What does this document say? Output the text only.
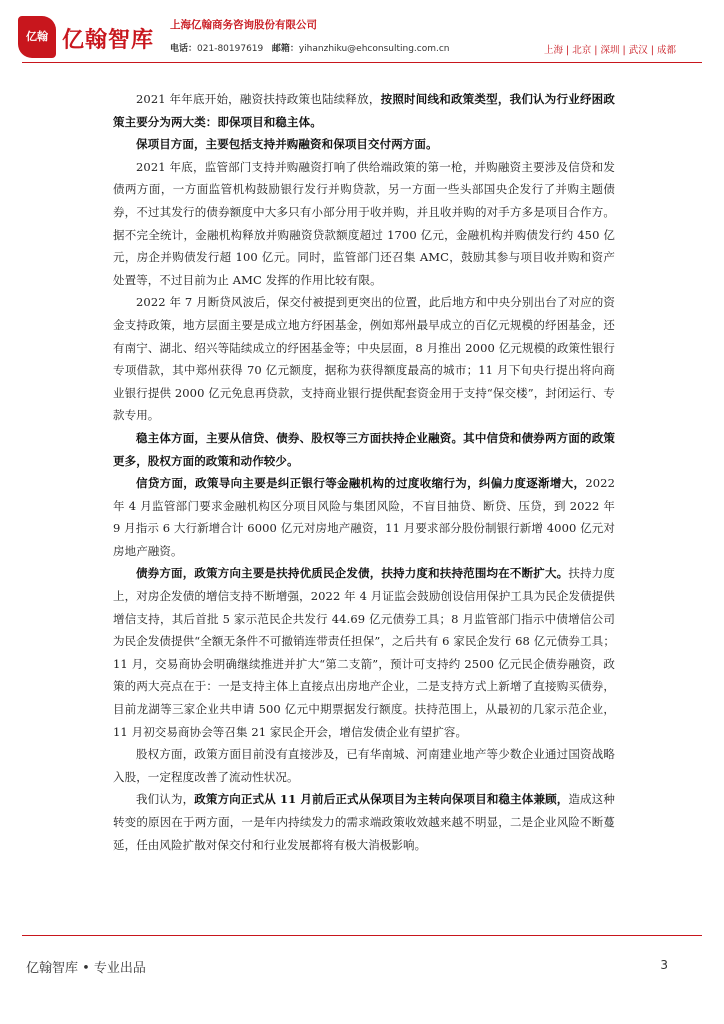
亿翰 亿翰智库
上海亿翰商务咨询股份有限公司
电话：021-80197619 邮箱：yihanzhiku@ehconsulting.com.cn	上海 | 北京 | 深圳 | 武汉 | 成都

2021 年年底开始，融资扶持政策也陆续释放，按照时间线和政策类型，我们认为行业纾困政策主要分为两大类：即保项目和稳主体。

保项目方面，主要包括支持并购融资和保项目交付两方面。

2021 年底，监管部门支持并购融资打响了供给端政策的第一枪，并购融资主要涉及信贷和发债两方面，一方面监管机构鼓励银行发行并购贷款，另一方面一些头部国央企发行了并购主题债券，不过其发行的债券额度中大多只有小部分用于收并购，并且收并购的对手方多是项目合作方。据不完全统计，金融机构释放并购融资贷款额度超过 1700 亿元，金融机构并购债发行约 450 亿元，房企并购债发行超 100 亿元。同时，监管部门还召集 AMC，鼓励其参与项目收并购和资产处置等，不过目前为止 AMC 发挥的作用比较有限。

2022 年 7 月断贷风波后，保交付被提到更突出的位置，此后地方和中央分别出台了对应的资金支持政策，地方层面主要是成立地方纾困基金，例如郑州最早成立的百亿元规模的纾困基金，还有南宁、湖北、绍兴等陆续成立的纾困基金等；中央层面，8 月推出 2000 亿元规模的政策性银行专项借款，其中郑州获得 70 亿元额度，据称为获得额度最高的城市；11 月下旬央行提出将向商业银行提供 2000 亿元免息再贷款，支持商业银行提供配套资金用于支持“保交楼”，封闭运行、专款专用。

稳主体方面，主要从信贷、债券、股权等三方面扶持企业融资。其中信贷和债券两方面的政策更多，股权方面的政策和动作较少。

信贷方面，政策导向主要是纠正银行等金融机构的过度收缩行为，纠偏力度逐渐增大，2022 年 4 月监管部门要求金融机构区分项目风险与集团风险，不盲目抽贷、断贷、压贷，到 2022 年 9 月指示 6 大行新增合计 6000 亿元对房地产融资，11 月要求部分股份制银行新增 4000 亿元对房地产融资。

债券方面，政策方向主要是扶持优质民企发债，扶持力度和扶持范围均在不断扩大。扶持力度上，对房企发债的增信支持不断增强，2022 年 4 月证监会鼓励创设信用保护工具为民企发债提供增信支持，其后首批 5 家示范民企共发行 44.69 亿元债券工具；8 月监管部门指示中债增信公司为民企发债提供“全额无条件不可撤销连带责任担保”，之后共有 6 家民企发行 68 亿元债券工具；11 月，交易商协会明确继续推进并扩大“第二支箭”，预计可支持约 2500 亿元民企债券融资，政策的两大亮点在于：一是支持主体上直接点出房地产企业，二是支持方式上新增了直接购买债券，目前龙湖等三家企业共申请 500 亿元中期票据发行额度。扶持范围上，从最初的几家示范企业，11 月初交易商协会等召集 21 家民企开会，增信发债企业有望扩容。

股权方面，政策方面目前没有直接涉及，已有华南城、河南建业地产等少数企业通过国资战略入股，一定程度改善了流动性状况。

我们认为，政策方向正式从 11 月前后正式从保项目为主转向保项目和稳主体兼顾，造成这种转变的原因在于两方面，一是年内持续发力的需求端政策收效越来越不明显，二是企业风险不断蔓延，任由风险扩散对保交付和行业发展都将有极大消极影响。

亿翰智库 • 专业出品	3
